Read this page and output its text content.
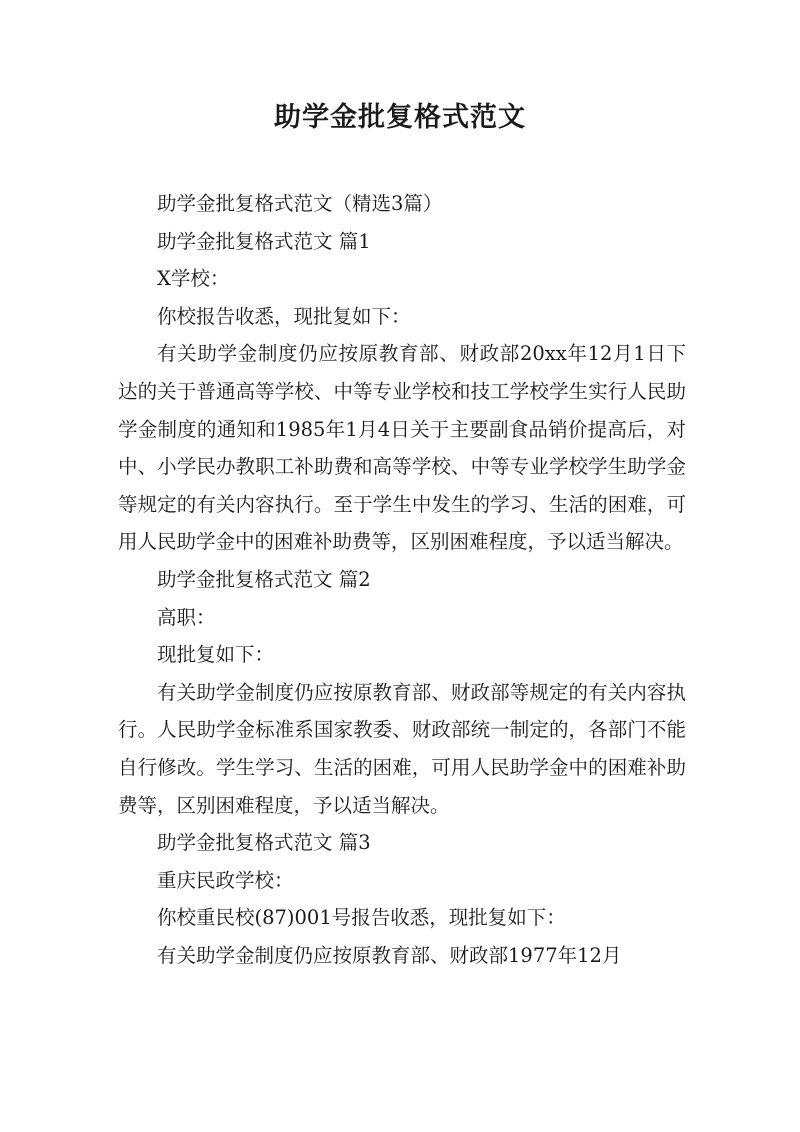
助学金批复格式范文

助学金批复格式范文（精选3篇）

助学金批复格式范文 篇1

X学校：

你校报告收悉，现批复如下：

有关助学金制度仍应按原教育部、财政部20xx年12月1日下达的关于普通高等学校、中等专业学校和技工学校学生实行人民助学金制度的通知和1985年1月4日关于主要副食品销价提高后，对中、小学民办教职工补助费和高等学校、中等专业学校学生助学金等规定的有关内容执行。至于学生中发生的学习、生活的困难，可用人民助学金中的困难补助费等，区别困难程度，予以适当解决。

助学金批复格式范文 篇2

高职：

现批复如下：

有关助学金制度仍应按原教育部、财政部等规定的有关内容执行。人民助学金标准系国家教委、财政部统一制定的，各部门不能自行修改。学生学习、生活的困难，可用人民助学金中的困难补助费等，区别困难程度，予以适当解决。

助学金批复格式范文 篇3

重庆民政学校：

你校重民校(87)001号报告收悉，现批复如下：

有关助学金制度仍应按原教育部、财政部1977年12月
